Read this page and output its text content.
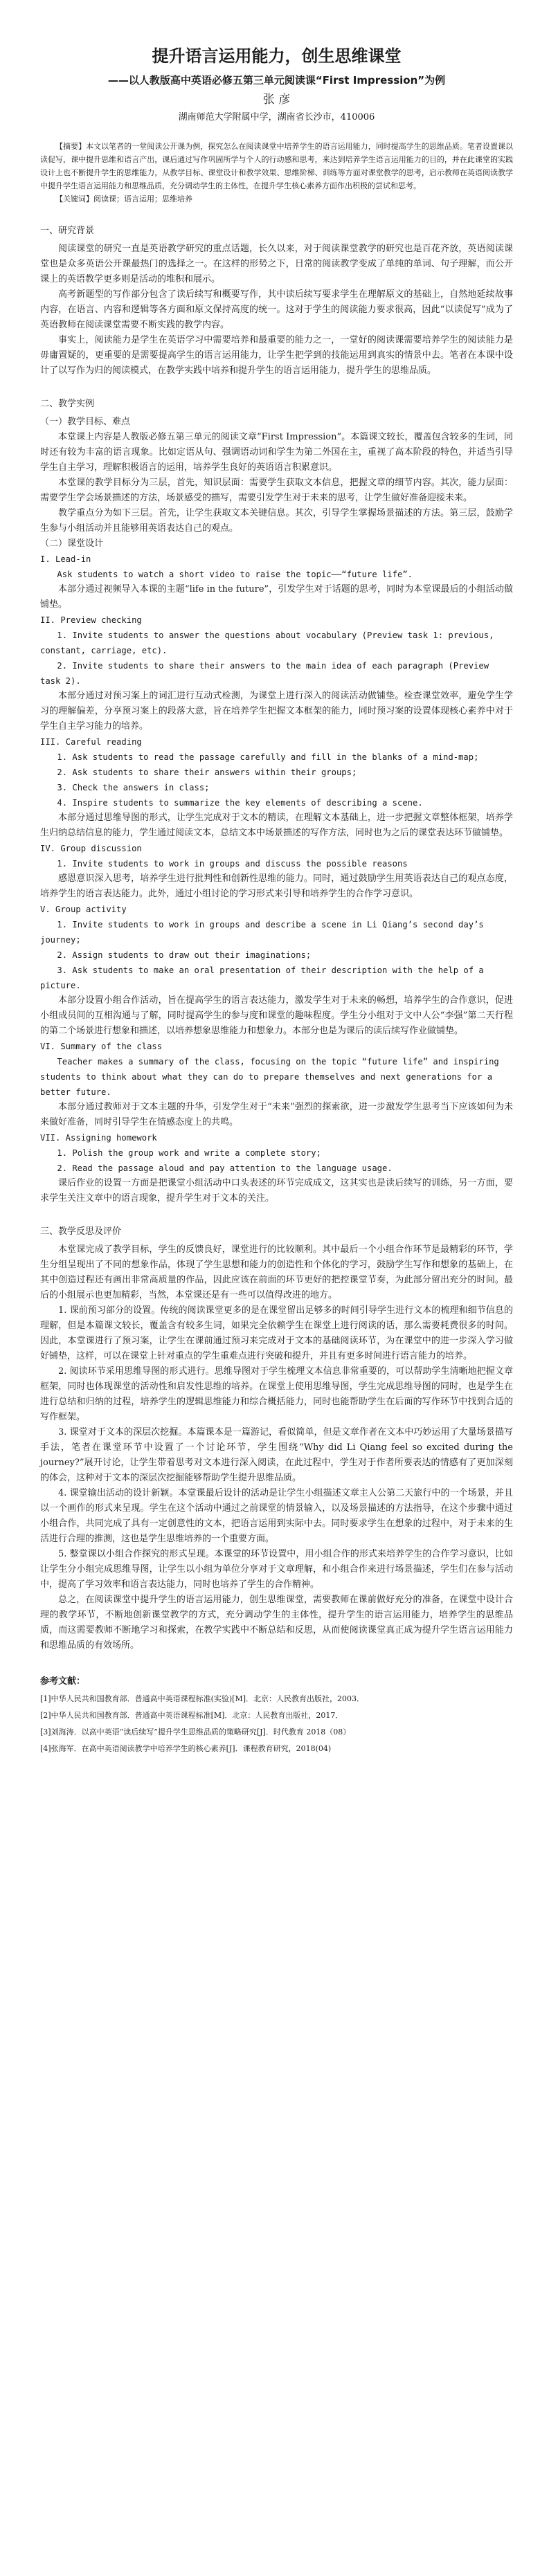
提升语言运用能力，创生思维课堂
——以人教版高中英语必修五第三单元阅读课“First Impression”为例
张 彦
湖南师范大学附属中学，湖南省长沙市，410006

【摘要】本文以笔者的一堂阅读公开课为例，探究怎么在阅读课堂中培养学生的语言运用能力，同时提高学生的思维品质。笔者设置课以读促写，课中提升思维和语言产出，课后通过写作巩固所学与个人的行动感和思考，来达到培养学生语言运用能力的目的，并在此课堂的实践设计上也不断提升学生的思维能力，从教学目标、课堂设计和教学效果、思维阶梯、训练等方面对课堂教学的思考，启示教师在英语阅读教学中提升学生语言运用能力和思维品质，充分调动学生的主体性，在提升学生核心素养方面作出积极的尝试和思考。

【关键词】阅读课；语言运用；思维培养

一、研究背景

阅读课堂的研究一直是英语教学研究的重点话题，长久以来，对于阅读课堂教学的研究也是百花齐放，英语阅读课堂也是众多英语公开课最热门的选择之一。在这样的形势之下，日常的阅读教学变成了单纯的单词、句子理解，而公开课上的英语教学更多则是活动的堆积和展示。

高考新题型的写作部分包含了读后续写和概要写作，其中读后续写要求学生在理解原文的基础上，自然地延续故事内容，在语言、内容和逻辑等各方面和原文保持高度的统一。这对于学生的阅读能力要求很高，因此“以读促写”成为了英语教师在阅读课堂需要不断实践的教学内容。

事实上，阅读能力是学生在英语学习中需要培养和最重要的能力之一，一堂好的阅读课需要培养学生的阅读能力是毋庸置疑的，更重要的是需要提高学生的语言运用能力，让学生把学到的技能运用到真实的情景中去。笔者在本课中设计了以写作为归的阅读模式，在教学实践中培养和提升学生的语言运用能力，提升学生的思维品质。

二、教学实例
（一）教学目标、难点

本堂课上内容是人教版必修五第三单元的阅读文章“First Impression”。本篇课文较长，覆盖包含较多的生词，同时还有较为丰富的语言现象。比如定语从句、强调语动词和学生为第二外国在主，重视了高本阶段的特色，并适当引导学生自主学习，理解积极语言的运用，培养学生良好的英语语言积累意识。

本堂课的教学目标分为三层，首先，知识层面：需要学生获取文本信息，把握文章的细节内容。其次，能力层面：需要学生学会场景描述的方法，场景感受的描写，需要引发学生对于未来的思考，让学生做好准备迎接未来。

教学重点分为如下三层。首先，让学生获取文本关键信息。其次，引导学生掌握场景描述的方法。第三层，鼓励学生参与小组活动并且能够用英语表达自己的观点。

（二）课堂设计

I. Lead-in

Ask students to watch a short video to raise the topic——“future life”.

本部分通过视频导入本课的主题“life in the future”，引发学生对于话题的思考，同时为本堂课最后的小组活动做铺垫。

II. Preview checking

1. Invite students to answer the questions about vocabulary (Preview task 1: previous, constant, carriage, etc).

2. Invite students to share their answers to the main idea of each paragraph (Preview task 2).

本部分通过对预习案上的词汇进行互动式检测，为课堂上进行深入的阅读活动做铺垫。检查课堂效率，避免学生学习的理解偏差，分享预习案上的段落大意，旨在培养学生把握文本框架的能力，同时预习案的设置体现核心素养中对于学生自主学习能力的培养。

III. Careful reading

1. Ask students to read the passage carefully and fill in the blanks of a mind-map;

2. Ask students to share their answers within their groups;

3. Check the answers in class;

4. Inspire students to summarize the key elements of describing a scene.

本部分通过思维导图的形式，让学生完成对于文本的精读，在理解文本基础上，进一步把握文章整体框架，培养学生归纳总结信息的能力，学生通过阅读文本，总结文本中场景描述的写作方法，同时也为之后的课堂表达环节做铺垫。

IV. Group discussion

1. Invite students to work in groups and discuss the possible reasons

感恩意识深入思考，培养学生进行批判性和创新性思维的能力。同时，通过鼓励学生用英语表达自己的观点态度，培养学生的语言表达能力。此外，通过小组讨论的学习形式来引导和培养学生的合作学习意识。

V. Group activity

1. Invite students to work in groups and describe a scene in Li Qiang’s second day’s journey;

2. Assign students to draw out their imaginations;

3. Ask students to make an oral presentation of their description with the help of a picture.

本部分设置小组合作活动，旨在提高学生的语言表达能力，激发学生对于未来的畅想，培养学生的合作意识，促进小组成员间的互相沟通与了解，同时提高学生的参与度和课堂的趣味程度。学生分小组对于文中人公“李强”第二天行程的第二个场景进行想象和描述，以培养想象思维能力和想象力。本部分也是为课后的读后续写作业做铺垫。

VI. Summary of the class

Teacher makes a summary of the class, focusing on the topic “future life” and inspiring students to think about what they can do to prepare themselves and next generations for a better future.

本部分通过教师对于文本主题的升华，引发学生对于“未来”强烈的探索欲，进一步激发学生思考当下应该如何为未来做好准备，同时引导学生在情感态度上的共鸣。

VII. Assigning homework

1. Polish the group work and write a complete story;

2. Read the passage aloud and pay attention to the language usage.

课后作业的设置一方面是把课堂小组活动中口头表述的环节完成成文，这其实也是读后续写的训练，另一方面，要求学生关注文章中的语言现象，提升学生对于文本的关注。

三、教学反思及评价

本堂课完成了教学目标，学生的反馈良好，课堂进行的比较顺利。其中最后一个小组合作环节是最精彩的环节，学生分组呈现出了不同的想象作品，体现了学生思想和能力的创造性和个体化的学习，鼓励学生写作和想象的基础上，在其中创造过程还有画出非常高质量的作品，因此应该在前面的环节更好的把控课堂节奏，为此部分留出充分的时间。最后的小组展示也更加精彩，当然，本堂课还是有一些可以值得改进的地方。

1. 课前预习部分的设置。传统的阅读课堂更多的是在课堂留出足够多的时间引导学生进行文本的梳理和细节信息的理解，但是本篇课文较长，覆盖含有较多生词，如果完全依赖学生在课堂上进行阅读的话，那么需要耗费很多的时间。因此，本堂课进行了预习案，让学生在课前通过预习来完成对于文本的基础阅读环节，为在课堂中的进一步深入学习做好铺垫，这样，可以在课堂上针对重点的学生重难点进行突破和提升，并且有更多时间进行语言能力的培养。

2. 阅读环节采用思维导图的形式进行。思维导图对于学生梳理文本信息非常重要的，可以帮助学生清晰地把握文章框架，同时也体现课堂的活动性和启发性思维的培养。在课堂上使用思维导图，学生完成思维导图的同时，也是学生在进行总结和归纳的过程，培养学生的逻辑思维能力和综合概括能力，同时也能帮助学生在后面的写作环节中找到合适的写作框架。

3. 课堂对于文本的深层次挖掘。本篇课本是一篇游记，看似简单，但是文章作者在文本中巧妙运用了大量场景描写手法，笔者在课堂环节中设置了一个讨论环节，学生围绕“Why did Li Qiang feel so excited during the journey?”展开讨论，让学生带着思考对文本进行深入阅读，在此过程中，学生对于作者所要表达的情感有了更加深刻的体会，这种对于文本的深层次挖掘能够帮助学生提升思维品质。

4. 课堂输出活动的设计新颖。本堂课最后设计的活动是让学生小组描述文章主人公第二天旅行中的一个场景，并且以一个画作的形式来呈现。学生在这个活动中通过之前课堂的情景输入，以及场景描述的方法指导，在这个步骤中通过小组合作，共同完成了具有一定创意性的文本，把语言运用到实际中去。同时要求学生在想象的过程中，对于未来的生活进行合理的推测，这也是学生思维培养的一个重要方面。

5. 整堂课以小组合作探究的形式呈现。本课堂的环节设置中，用小组合作的形式来培养学生的合作学习意识，比如让学生分小组完成思维导图，让学生以小组为单位分享对于文章理解，和小组合作来进行场景描述，学生们在参与活动中，提高了学习效率和语言表达能力，同时也培养了学生的合作精神。

总之，在阅读课堂中提升学生的语言运用能力，创生思维课堂，需要教师在课前做好充分的准备，在课堂中设计合理的教学环节，不断地创新课堂教学的方式，充分调动学生的主体性，提升学生的语言运用能力，培养学生的思维品质，而这需要教师不断地学习和探索，在教学实践中不断总结和反思，从而使阅读课堂真正成为提升学生语言运用能力和思维品质的有效场所。

参考文献：

[1]中华人民共和国教育部．普通高中英语课程标准(实验)[M]．北京：人民教育出版社，2003．

[2]中华人民共和国教育部．普通高中英语课程标准[M]．北京：人民教育出版社，2017．

[3]刘海涛．以高中英语“读后续写”提升学生思维品质的策略研究[J]．时代教育 2018（08）

[4]张海军．在高中英语阅读教学中培养学生的核心素养[J]．课程教育研究，2018(04)
